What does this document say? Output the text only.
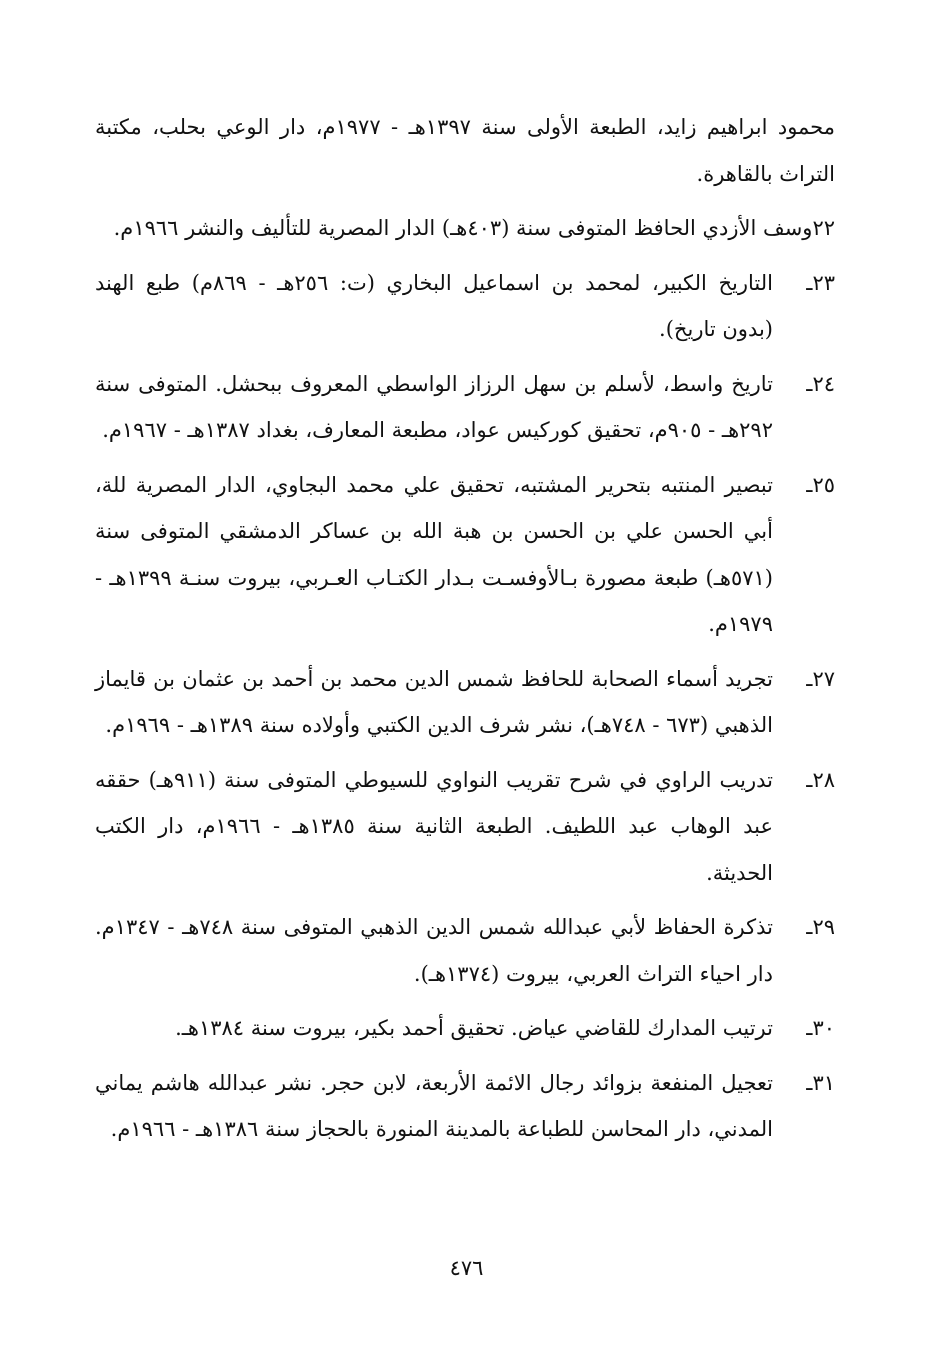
محمود ابراهيم زايد، الطبعة الأولى سنة ١٣٩٧هـ - ١٩٧٧م، دار الوعي بحلب، مكتبة التراث بالقاهرة.

٢٢وسف الأزدي الحافظ المتوفى سنة (٤٠٣هـ) الدار المصرية للتأليف والنشر ١٩٦٦م.

٢٣ـ
التاريخ الكبير، لمحمد بن اسماعيل البخاري (ت: ٢٥٦هـ - ٨٦٩م) طبع الهند (بدون تاريخ).
٢٤ـ
تاريخ واسط، لأسلم بن سهل الرزاز الواسطي المعروف ببحشل. المتوفى سنة ٢٩٢هـ - ٩٠٥م، تحقيق كوركيس عواد، مطبعة المعارف، بغداد ١٣٨٧هـ - ١٩٦٧م.
٢٥ـ
تبصير المنتبه بتحرير المشتبه، تحقيق علي محمد البجاوي، الدار المصرية للة، أبي الحسن علي بن الحسن بن هبة الله بن عساكر الدمشقي المتوفى سنة (٥٧١هـ) طبعة مصورة بـالأوفسـت بـدار الكتـاب العـربي، بيروت سنـة ١٣٩٩هـ - ١٩٧٩م.
٢٧ـ
تجريد أسماء الصحابة للحافظ شمس الدين محمد بن أحمد بن عثمان بن قايماز الذهبي (٦٧٣ - ٧٤٨هـ)، نشر شرف الدين الكتبي وأولاده سنة ١٣٨٩هـ - ١٩٦٩م.
٢٨ـ
تدريب الراوي في شرح تقريب النواوي للسيوطي المتوفى سنة (٩١١هـ) حققه عبد الوهاب عبد اللطيف. الطبعة الثانية سنة ١٣٨٥هـ - ١٩٦٦م، دار الكتب الحديثة.
٢٩ـ
تذكرة الحفاظ لأبي عبدالله شمس الدين الذهبي المتوفى سنة ٧٤٨هـ - ١٣٤٧م. دار احياء التراث العربي، بيروت (١٣٧٤هـ).
٣٠ـ
ترتيب المدارك للقاضي عياض. تحقيق أحمد بكير، بيروت سنة ١٣٨٤هـ.
٣١ـ
تعجيل المنفعة بزوائد رجال الائمة الأربعة، لابن حجر. نشر عبدالله هاشم يماني المدني، دار المحاسن للطباعة بالمدينة المنورة بالحجاز سنة ١٣٨٦هـ - ١٩٦٦م.
٤٧٦
